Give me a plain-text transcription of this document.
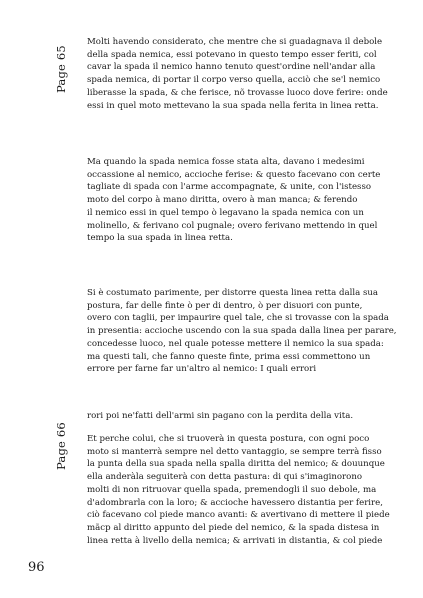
Page 65
Page 66

Molti havendo considerato, che mentre che si guadagnava il debole
della spada nemica, essi potevano in questo tempo esser feriti, col
cavar la spada il nemico hanno tenuto quest'ordine nell'andar alla
spada nemica, di portar il corpo verso quella, acciò che se'l nemico
liberasse la spada, & che ferisce, nõ trovasse luoco dove ferire: onde
essi in quel moto mettevano la sua spada nella ferita in linea retta.

Ma quando la spada nemica fosse stata alta, davano i medesimi
occassione al nemico, accioche ferise: & questo facevano con certe
tagliate di spada con l'arme accompagnate, & unite, con l'istesso
moto del corpo à mano diritta, overo à man manca; & ferendo
il nemico essi in quel tempo ò legavano la spada nemica con un
molinello, & ferivano col pugnale; overo ferivano mettendo in quel
tempo la sua spada in linea retta.

Si è costumato parimente, per distorre questa linea retta dalla sua
postura, far delle finte ò per di dentro, ò per disuori con punte,
overo con taglii, per impaurire quel tale, che si trovasse con la spada
in presentia: accioche uscendo con la sua spada dalla linea per parare,
concedesse luoco, nel quale potesse mettere il nemico la sua spada:
ma questi tali, che fanno queste finte, prima essi commettono un
errore per farne far un'altro al nemico: I quali errori

rori poi ne'fatti dell'armi sin pagano con la perdita della vita.

Et perche colui, che si truoverà in questa postura, con ogni poco
moto si manterrà sempre nel detto vantaggio, se sempre terrà fisso
la punta della sua spada nella spalla diritta del nemico; & douunque
ella anderàla seguiterà con detta pastura: di qui s'imaginorono
molti di non ritruovar quella spada, premendogli il suo debole, ma
d'adombrarla con la loro; & accioche havessero distantia per ferire,
ciò facevano col piede manco avanti: & avertivano di mettere il piede
mãcp al diritto appunto del piede del nemico, & la spada distesa in
linea retta à livello della nemica; & arrivati in distantia, & col piede

96
